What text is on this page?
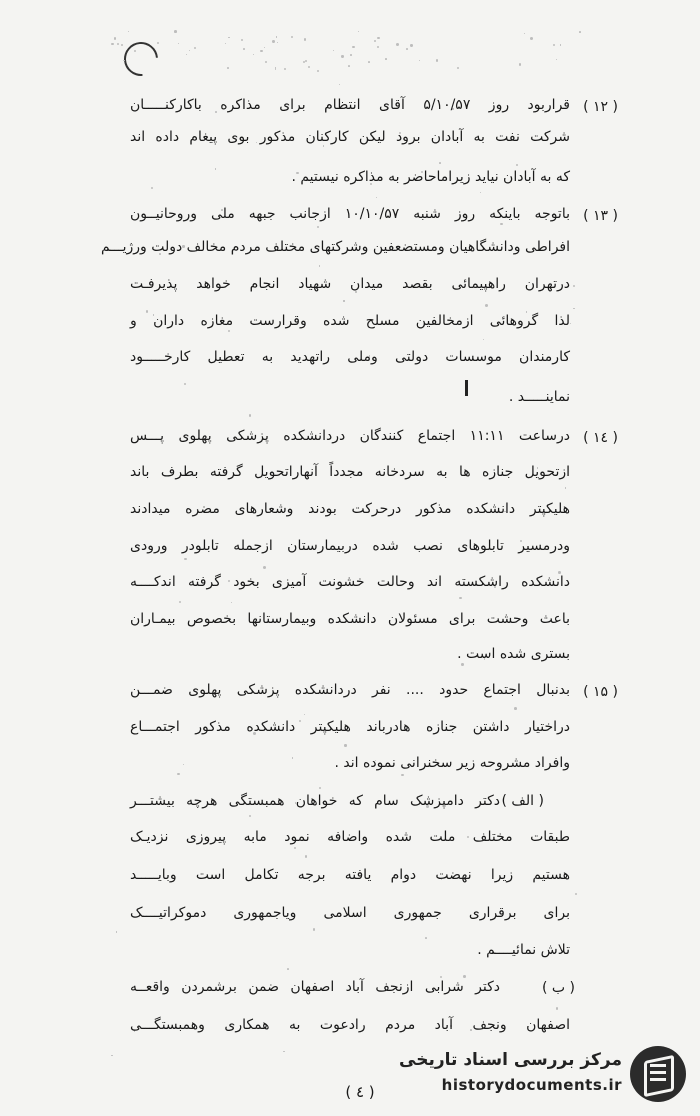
( ۱۲ )
قراربود روز ۵/۱۰/۵۷ آقای انتظام برای مذاکره باکارکنـــــان
شرکت نفت به آبادان برود لیکن کارکنان مذکور بوی پیغام داده اند
که به آبادان نیاید زیراماحاضر به مذاکره نیستیم .
( ۱۳ )
باتوجه باینکه روز شنبه ۱۰/۱۰/۵۷ ازجانب جبهه ملی وروحانیــون
افراطی ودانشگاهیان ومستضعفین وشرکتهای مختلف مردم مخالف دولت ورژیـــم
درتهران راهپیمائی بقصد میدان شهیاد انجام خواهد پذیرفـت
لذا گروهائی ازمخالفین مسلح شده وقرارست مغازه داران و
کارمندان موسسات دولتی وملی راتهدید به تعطیل کارخـــــود
نماینـــــد .
( ۱٤ )
درساعت ۱۱:۱۱ اجتماع کنندگان دردانشکده پزشکی پهلوی پـــس
ازتحویل جنازه ها به سردخانه مجدداً آنهاراتحویل گرفته بطرف باند
هلیکپتر دانشکده مذکور درحرکت بودند وشعارهای مضره میدادند
ودرمسیر تابلوهای نصب شده دربیمارستان ازجمله تابلودر ورودی
دانشکده راشکسته اند وحالت خشونت آمیزی بخود گرفته اندکــــه
باعث وحشت برای مسئولان دانشکده وبیمارستانها بخصوص بیمـاران
بستری شده است .
( ۱۵ )
بدنبال اجتماع حدود .... نفر دردانشکده پزشکی پهلوی ضمـــن
دراختیار داشتن جنازه هادرباند هلیکپتر دانشکده مذکور اجتمـــاع
وافراد مشروحه زیر سخنرانی نموده اند .
( الف )
دکتر دامپزشک سام که خواهان همبستگی هرچه بیشتـــر
طبقات مختلف ملت شده واضافه نمود مابه پیروزی نزدیـک
هستیم زیرا نهضت دوام یافته برجه تکامل است وبایـــــد
برای برقراری جمهوری اسلامی ویاجمهوری دموکراتیــــک
تلاش نمائیــــم .
( ب )
دکتر شرابی ازنجف آباد اصفهان ضمن برشمردن واقعــه
اصفهان ونجف آباد مردم رادعوت به همکاری وهمبستگـــی
( ٤ )
مرکز بررسی اسناد تاریخی
historydocuments.ir
